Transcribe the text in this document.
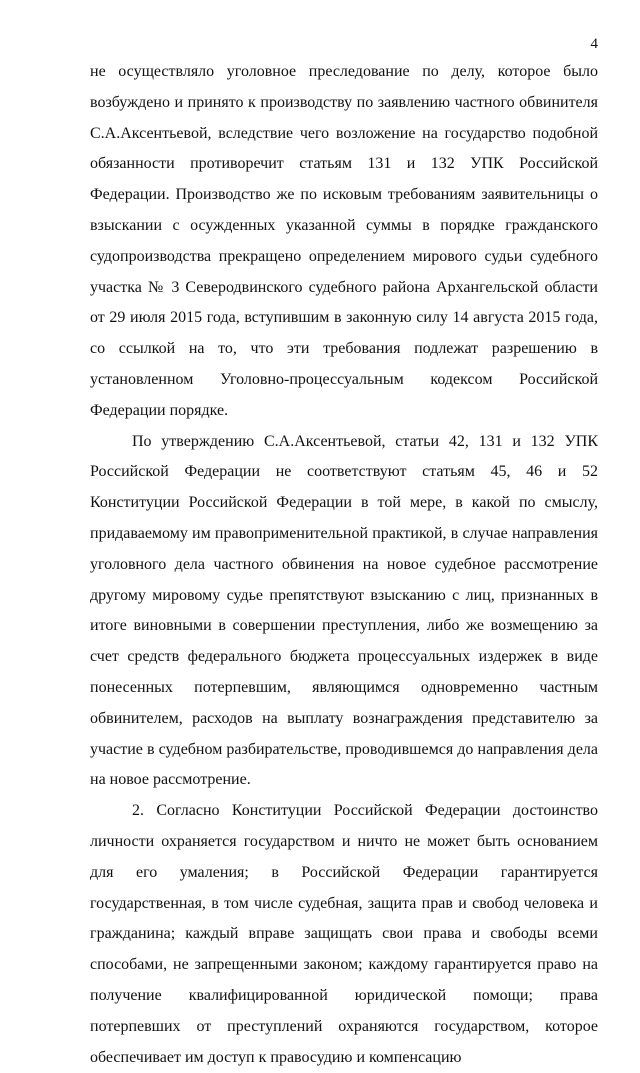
4

не осуществляло уголовное преследование по делу, которое было возбуждено и принято к производству по заявлению частного обвинителя С.А.Аксентьевой, вследствие чего возложение на государство подобной обязанности противоречит статьям 131 и 132 УПК Российской Федерации. Производство же по исковым требованиям заявительницы о взыскании с осужденных указанной суммы в порядке гражданского судопроизводства прекращено определением мирового судьи судебного участка № 3 Северодвинского судебного района Архангельской области от 29 июля 2015 года, вступившим в законную силу 14 августа 2015 года, со ссылкой на то, что эти требования подлежат разрешению в установленном Уголовно-процессуальным кодексом Российской Федерации порядке.

По утверждению С.А.Аксентьевой, статьи 42, 131 и 132 УПК Российской Федерации не соответствуют статьям 45, 46 и 52 Конституции Российской Федерации в той мере, в какой по смыслу, придаваемому им правоприменительной практикой, в случае направления уголовного дела частного обвинения на новое судебное рассмотрение другому мировому судье препятствуют взысканию с лиц, признанных в итоге виновными в совершении преступления, либо же возмещению за счет средств федерального бюджета процессуальных издержек в виде понесенных потерпевшим, являющимся одновременно частным обвинителем, расходов на выплату вознаграждения представителю за участие в судебном разбирательстве, проводившемся до направления дела на новое рассмотрение.

2. Согласно Конституции Российской Федерации достоинство личности охраняется государством и ничто не может быть основанием для его умаления; в Российской Федерации гарантируется государственная, в том числе судебная, защита прав и свобод человека и гражданина; каждый вправе защищать свои права и свободы всеми способами, не запрещенными законом; каждому гарантируется право на получение квалифицированной юридической помощи; права потерпевших от преступлений охраняются государством, которое обеспечивает им доступ к правосудию и компенсацию
